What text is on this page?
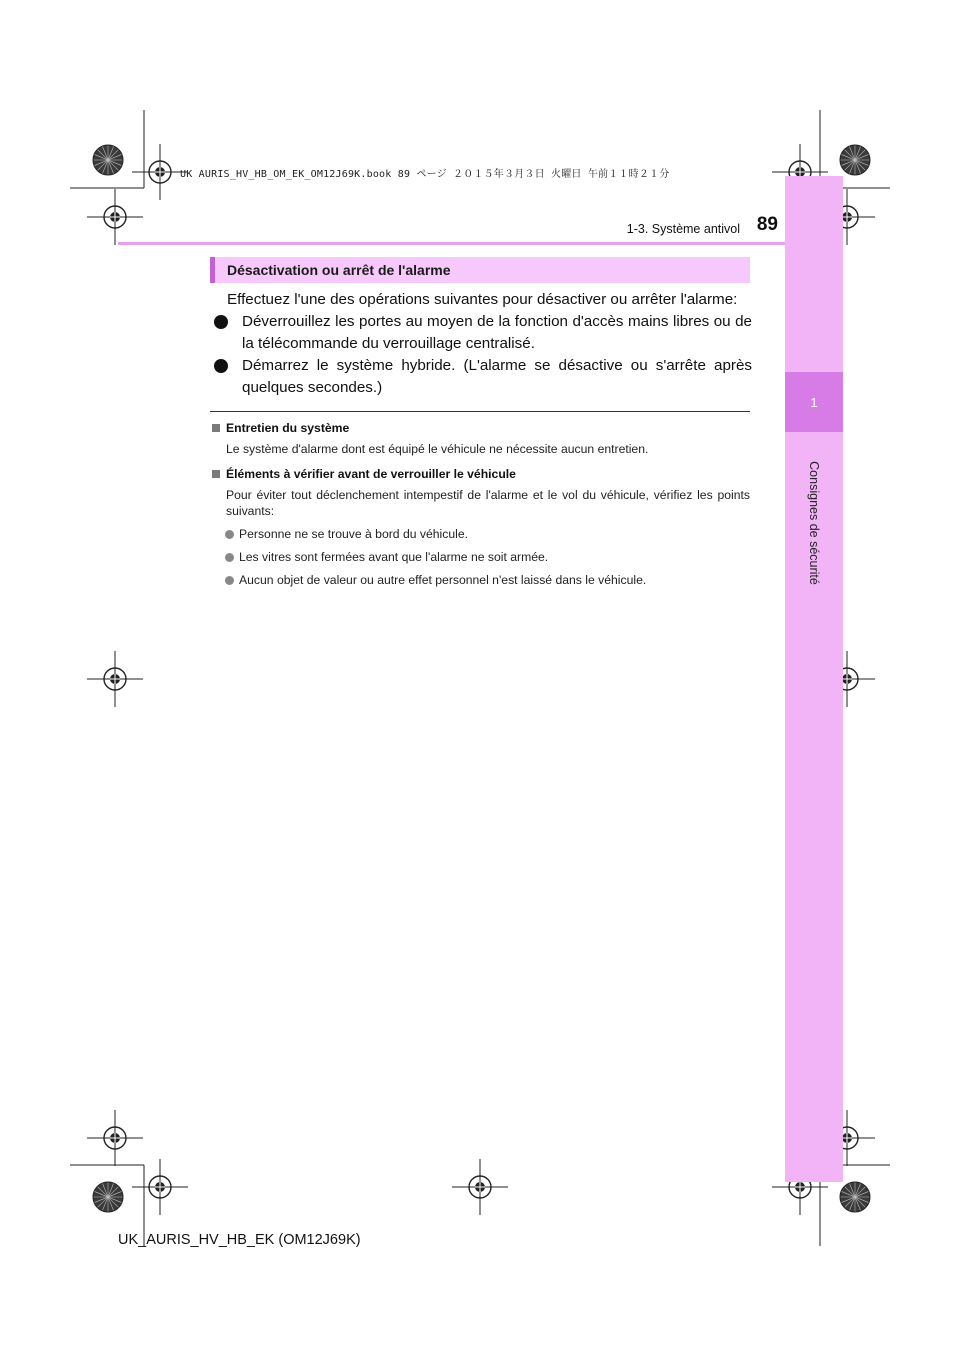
UK AURIS_HV_HB_OM_EK_OM12J69K.book 89 ページ ２０１５年３月３日 火曜日 午前１１時２１分
1
Consignes de sécurité
1-3. Système antivol 89
Désactivation ou arrêt de l'alarme
Effectuez l'une des opérations suivantes pour désactiver ou arrêter l'alarme:
Déverrouillez les portes au moyen de la fonction d'accès mains libres ou de la télécommande du verrouillage centralisé.
Démarrez le système hybride. (L'alarme se désactive ou s'arrête après quelques secondes.)
Entretien du système
Le système d'alarme dont est équipé le véhicule ne nécessite aucun entretien.
Éléments à vérifier avant de verrouiller le véhicule
Pour éviter tout déclenchement intempestif de l'alarme et le vol du véhicule, vérifiez les points suivants:
Personne ne se trouve à bord du véhicule.
Les vitres sont fermées avant que l'alarme ne soit armée.
Aucun objet de valeur ou autre effet personnel n'est laissé dans le véhicule.
UK_AURIS_HV_HB_EK (OM12J69K)
